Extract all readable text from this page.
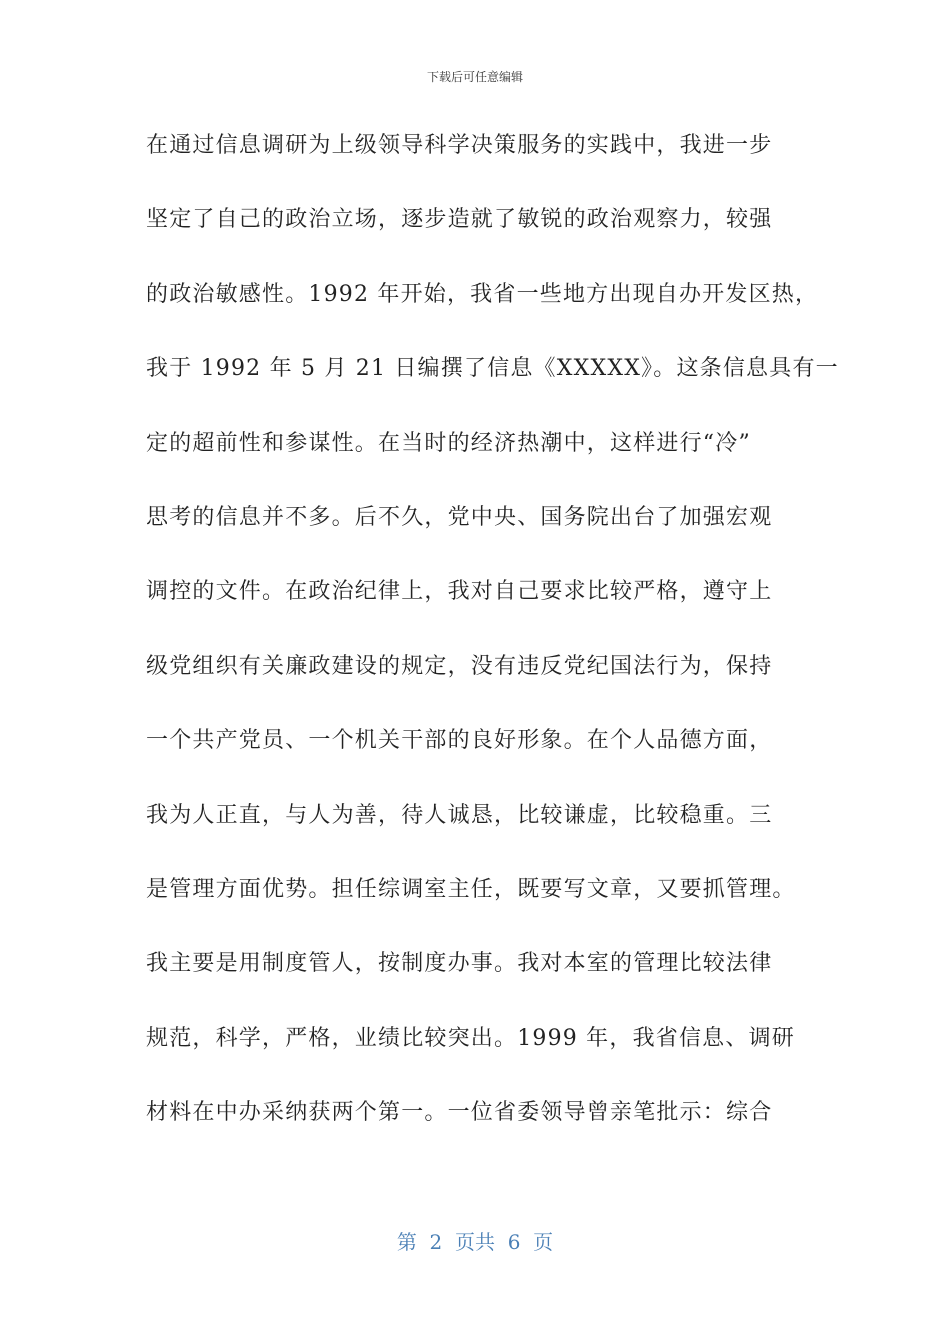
下载后可任意编辑
在通过信息调研为上级领导科学决策服务的实践中，我进一步
坚定了自己的政治立场，逐步造就了敏锐的政治观察力，较强
的政治敏感性。1992 年开始，我省一些地方出现自办开发区热，
我于 1992 年 5 月 21 日编撰了信息《XXXXX》。这条信息具有一
定的超前性和参谋性。在当时的经济热潮中，这样进行“冷”
思考的信息并不多。后不久，党中央、国务院出台了加强宏观
调控的文件。在政治纪律上，我对自己要求比较严格，遵守上
级党组织有关廉政建设的规定，没有违反党纪国法行为，保持
一个共产党员、一个机关干部的良好形象。在个人品德方面，
我为人正直，与人为善，待人诚恳，比较谦虚，比较稳重。三
是管理方面优势。担任综调室主任，既要写文章，又要抓管理。
我主要是用制度管人，按制度办事。我对本室的管理比较法律
规范，科学，严格，业绩比较突出。1999 年，我省信息、调研
材料在中办采纳获两个第一。一位省委领导曾亲笔批示：综合
第  2  页共  6  页
